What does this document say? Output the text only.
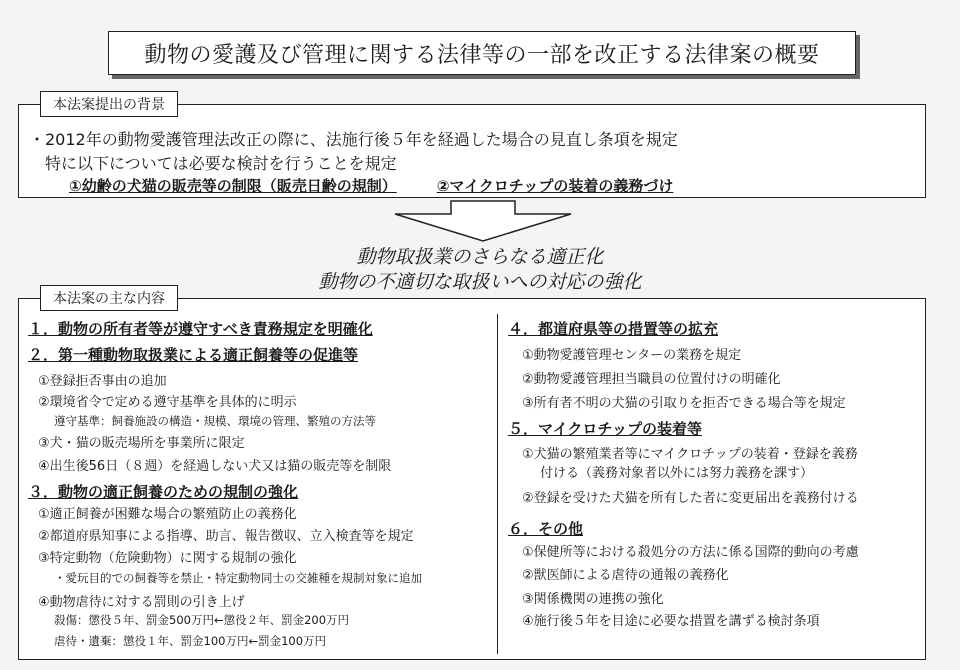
動物の愛護及び管理に関する法律等の一部を改正する法律案の概要
・2012年の動物愛護管理法改正の際に、法施行後５年を経過した場合の見直し条項を規定
特に以下については必要な検討を行うことを規定
①幼齢の犬猫の販売等の制限（販売日齢の規制）	②マイクロチップの装着の義務づけ
本法案提出の背景
動物取扱業のさらなる適正化
動物の不適切な取扱いへの対応の強化
本法案の主な内容
１．動物の所有者等が遵守すべき責務規定を明確化
２．第一種動物取扱業による適正飼養等の促進等
①登録拒否事由の追加
②環境省令で定める遵守基準を具体的に明示
遵守基準：飼養施設の構造・規模、環境の管理、繁殖の方法等
③犬・猫の販売場所を事業所に限定
④出生後56日（８週）を経過しない犬又は猫の販売等を制限
３．動物の適正飼養のための規制の強化
①適正飼養が困難な場合の繁殖防止の義務化
②都道府県知事による指導、助言、報告徴収、立入検査等を規定
③特定動物（危険動物）に関する規制の強化
・愛玩目的での飼養等を禁止・特定動物同士の交雑種を規制対象に追加
④動物虐待に対する罰則の引き上げ
殺傷：懲役５年、罰金500万円←懲役２年、罰金200万円
虐待・遺棄：懲役１年、罰金100万円←罰金100万円
４．都道府県等の措置等の拡充
①動物愛護管理センターの業務を規定
②動物愛護管理担当職員の位置付けの明確化
③所有者不明の犬猫の引取りを拒否できる場合等を規定
５．マイクロチップの装着等
①犬猫の繁殖業者等にマイクロチップの装着・登録を義務
付ける（義務対象者以外には努力義務を課す）
②登録を受けた犬猫を所有した者に変更届出を義務付ける
６．その他
①保健所等における殺処分の方法に係る国際的動向の考慮
②獣医師による虐待の通報の義務化
③関係機関の連携の強化
④施行後５年を目途に必要な措置を講ずる検討条項
